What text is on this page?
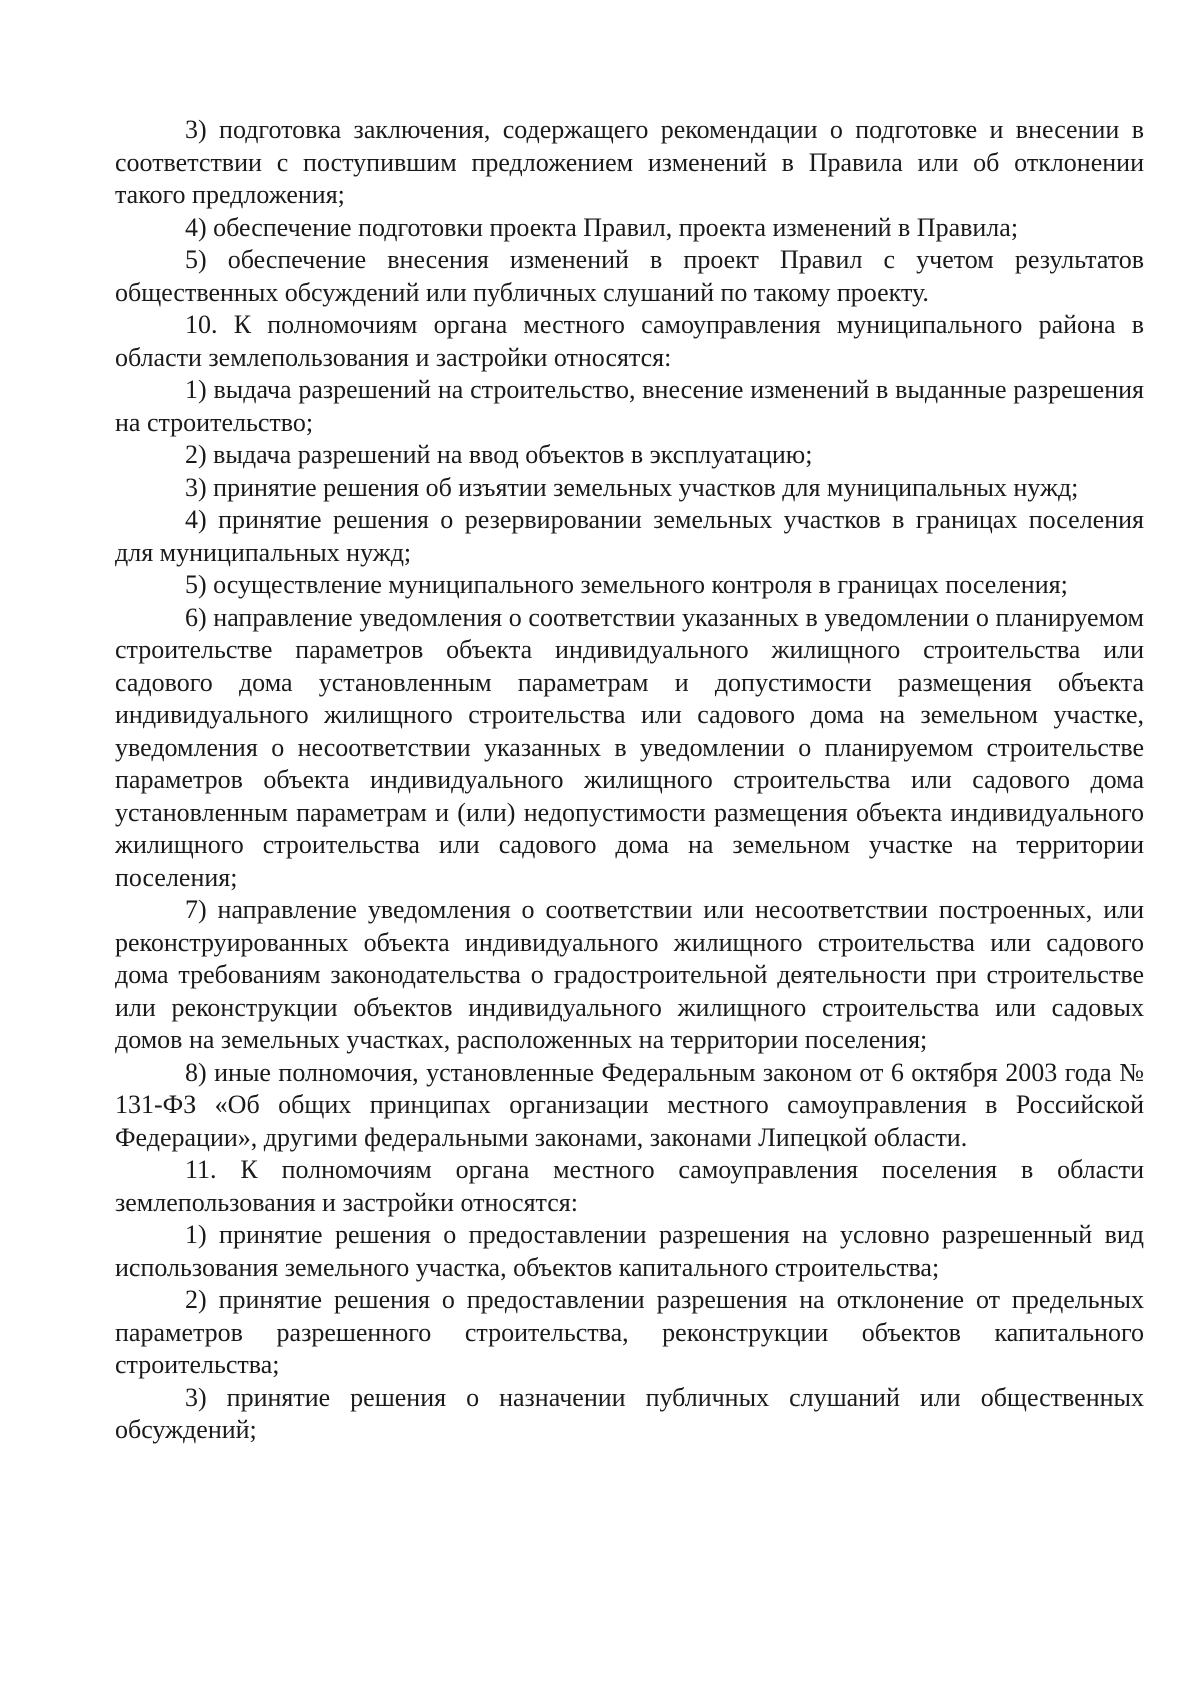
3) подготовка заключения, содержащего рекомендации о подготовке и внесении в соответствии с поступившим предложением изменений в Правила или об отклонении такого предложения;

4) обеспечение подготовки проекта Правил, проекта изменений в Правила;

5) обеспечение внесения изменений в проект Правил с учетом результатов общественных обсуждений или публичных слушаний по такому проекту.

10. К полномочиям органа местного самоуправления муниципального района в области землепользования и застройки относятся:

1) выдача разрешений на строительство, внесение изменений в выданные разрешения на строительство;

2) выдача разрешений на ввод объектов в эксплуатацию;

3) принятие решения об изъятии земельных участков для муниципальных нужд;

4) принятие решения о резервировании земельных участков в границах поселения для муниципальных нужд;

5) осуществление муниципального земельного контроля в границах поселения;

6) направление уведомления о соответствии указанных в уведомлении о планируемом строительстве параметров объекта индивидуального жилищного строительства или садового дома установленным параметрам и допустимости размещения объекта индивидуального жилищного строительства или садового дома на земельном участке, уведомления о несоответствии указанных в уведомлении о планируемом строительстве параметров объекта индивидуального жилищного строительства или садового дома установленным параметрам и (или) недопустимости размещения объекта индивидуального жилищного строительства или садового дома на земельном участке на территории поселения;

7) направление уведомления о соответствии или несоответствии построенных, или реконструированных объекта индивидуального жилищного строительства или садового дома требованиям законодательства о градостроительной деятельности при строительстве или реконструкции объектов индивидуального жилищного строительства или садовых домов на земельных участках, расположенных на территории поселения;

8) иные полномочия, установленные Федеральным законом от 6 октября 2003 года № 131-ФЗ «Об общих принципах организации местного самоуправления в Российской Федерации», другими федеральными законами, законами Липецкой области.

11. К полномочиям органа местного самоуправления поселения в области землепользования и застройки относятся:

1) принятие решения о предоставлении разрешения на условно разрешенный вид использования земельного участка, объектов капитального строительства;

2) принятие решения о предоставлении разрешения на отклонение от предельных параметров разрешенного строительства, реконструкции объектов капитального строительства;

3) принятие решения о назначении публичных слушаний или общественных обсуждений;
